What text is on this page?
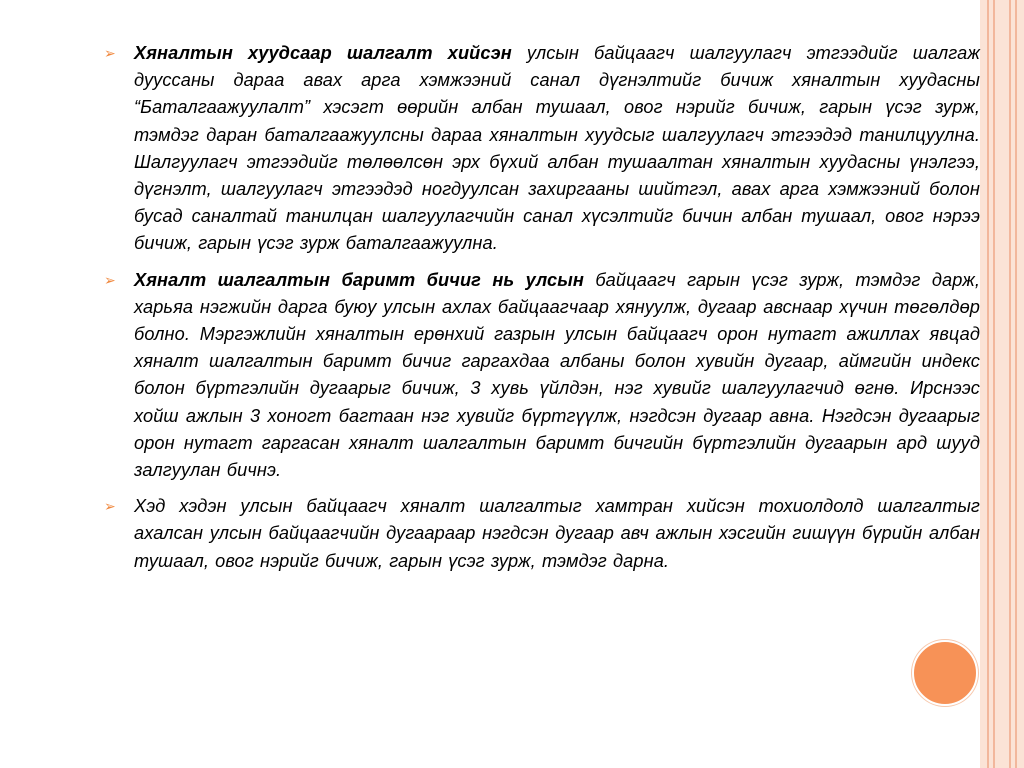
➢ Хяналтын хуудсаар шалгалт хийсэн улсын байцаагч шалгуулагч этгээдийг шалгаж дууссаны дараа авах арга хэмжээний санал дүгнэлтийг бичиж хяналтын хуудасны “Баталгаажуулалт” хэсэгт өөрийн албан тушаал, овог нэрийг бичиж, гарын үсэг зурж, тэмдэг даран баталгаажуулсны дараа хяналтын хуудсыг шалгуулагч этгээдэд танилцуулна. Шалгуулагч этгээдийг төлөөлсөн эрх бүхий албан тушаалтан хяналтын хуудасны үнэлгээ, дүгнэлт, шалгуулагч этгээдэд ногдуулсан захиргааны шийтгэл, авах арга хэмжээний болон бусад саналтай танилцан шалгуулагчийн санал хүсэлтийг бичин албан тушаал, овог нэрээ бичиж, гарын үсэг зурж баталгаажуулна.

➢ Хяналт шалгалтын баримт бичиг нь улсын байцаагч гарын үсэг зурж, тэмдэг дарж, харьяа нэгжийн дарга буюу улсын ахлах байцаагчаар хянуулж, дугаар авснаар хүчин төгөлдөр болно. Мэргэжлийн хяналтын ерөнхий газрын улсын байцаагч орон нутагт ажиллах явцад хяналт шалгалтын баримт бичиг гаргахдаа албаны болон хувийн дугаар, аймгийн индекс болон бүртгэлийн дугаарыг бичиж, 3 хувь үйлдэн, нэг хувийг шалгуулагчид өгнө. Ирснээс хойш ажлын 3 хоногт багтаан нэг хувийг бүртгүүлж, нэгдсэн дугаар авна. Нэгдсэн дугаарыг орон нутагт гаргасан хяналт шалгалтын баримт бичгийн бүртгэлийн дугаарын ард шууд залгуулан бичнэ.

➢ Хэд хэдэн улсын байцаагч хяналт шалгалтыг хамтран хийсэн тохиолдолд шалгалтыг ахалсан улсын байцаагчийн дугаараар нэгдсэн дугаар авч ажлын хэсгийн гишүүн бүрийн албан тушаал, овог нэрийг бичиж, гарын үсэг зурж, тэмдэг дарна.
